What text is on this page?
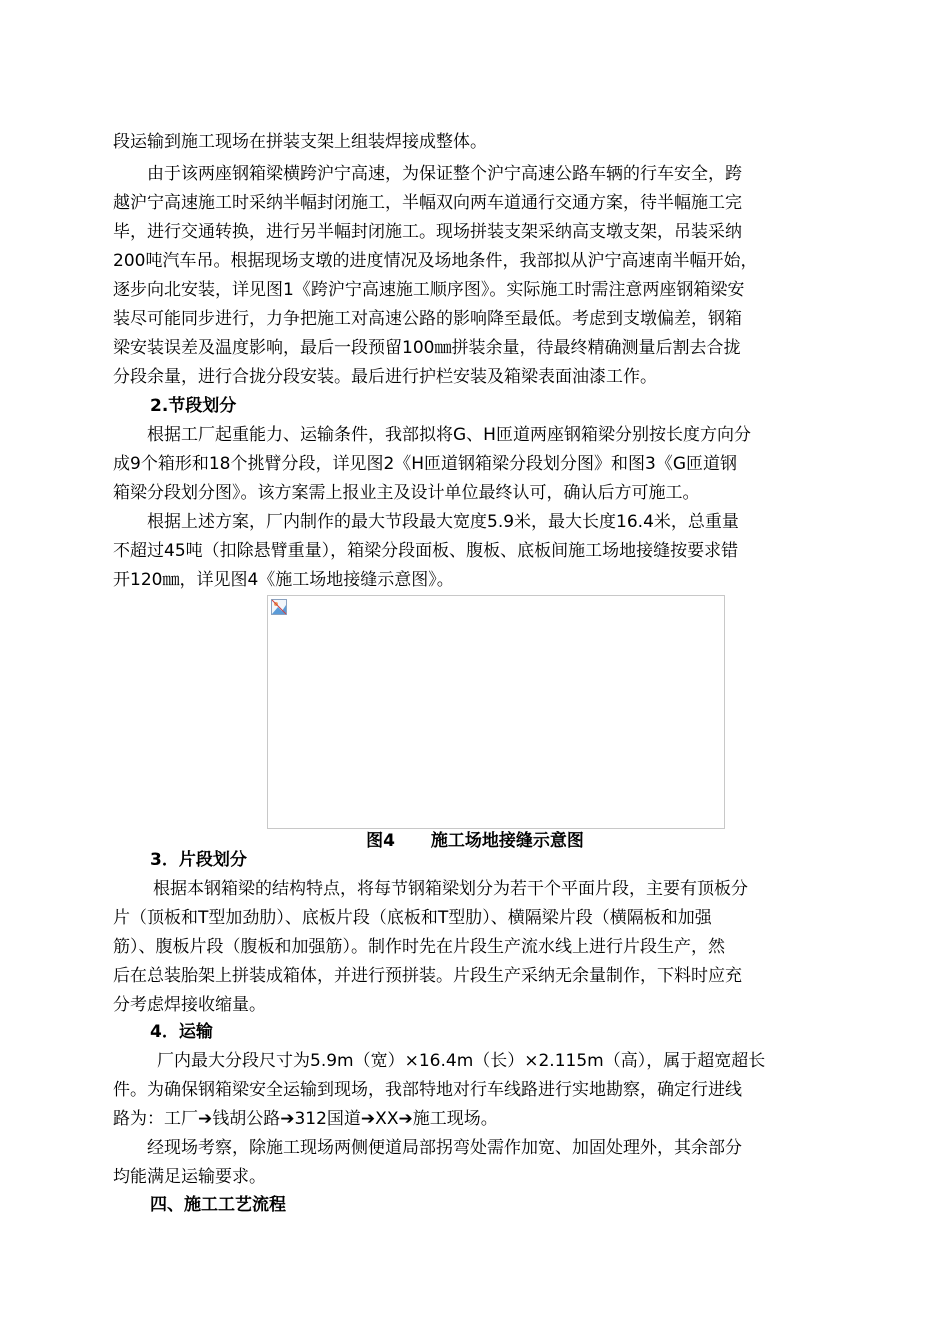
段运输到施工现场在拼装支架上组装焊接成整体。
由于该两座钢箱梁横跨沪宁高速，为保证整个沪宁高速公路车辆的行车安全，跨
越沪宁高速施工时采纳半幅封闭施工，半幅双向两车道通行交通方案，待半幅施工完
毕，进行交通转换，进行另半幅封闭施工。现场拼装支架采纳高支墩支架，吊装采纳
200吨汽车吊。根据现场支墩的进度情况及场地条件，我部拟从沪宁高速南半幅开始，
逐步向北安装，详见图1《跨沪宁高速施工顺序图》。实际施工时需注意两座钢箱梁安
装尽可能同步进行，力争把施工对高速公路的影响降至最低。考虑到支墩偏差，钢箱
梁安装误差及温度影响，最后一段预留100㎜拼装余量，待最终精确测量后割去合拢
分段余量，进行合拢分段安装。最后进行护栏安装及箱梁表面油漆工作。
2.节段划分
根据工厂起重能力、运输条件，我部拟将G、H匝道两座钢箱梁分别按长度方向分
成9个箱形和18个挑臂分段，详见图2《H匝道钢箱梁分段划分图》和图3《G匝道钢
箱梁分段划分图》。该方案需上报业主及设计单位最终认可，确认后方可施工。
根据上述方案，厂内制作的最大节段最大宽度5.9米，最大长度16.4米，总重量
不超过45吨（扣除悬臂重量），箱梁分段面板、腹板、底板间施工场地接缝按要求错
开120㎜，详见图4《施工场地接缝示意图》。
图4 施工场地接缝示意图
3．片段划分
根据本钢箱梁的结构特点，将每节钢箱梁划分为若干个平面片段，主要有顶板分
片（顶板和T型加劲肋）、底板片段（底板和T型肋）、横隔梁片段（横隔板和加强
筋）、腹板片段（腹板和加强筋）。制作时先在片段生产流水线上进行片段生产，然
后在总装胎架上拼装成箱体，并进行预拼装。片段生产采纳无余量制作，下料时应充
分考虑焊接收缩量。
4．运输
厂内最大分段尺寸为5.9m（宽）×16.4m（长）×2.115m（高），属于超宽超长
件。为确保钢箱梁安全运输到现场，我部特地对行车线路进行实地勘察，确定行进线
路为：工厂➔钱胡公路➔312国道➔XX➔施工现场。
经现场考察，除施工现场两侧便道局部拐弯处需作加宽、加固处理外，其余部分
均能满足运输要求。
四、施工工艺流程
